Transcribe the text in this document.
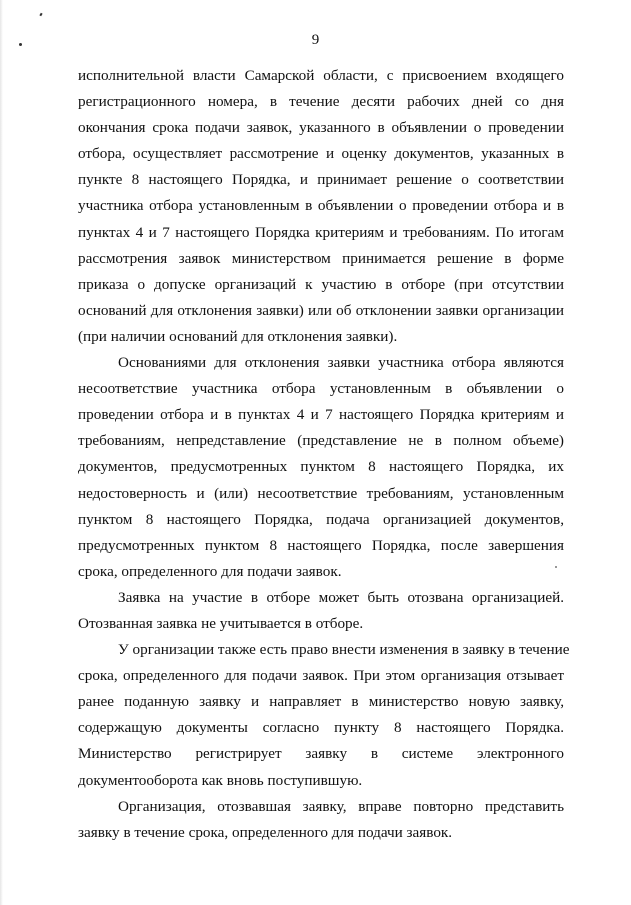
9
исполнительной власти Самарской области, с присвоением входящего
регистрационного номера, в течение десяти рабочих дней со дня
окончания срока подачи заявок, указанного в объявлении о проведении
отбора, осуществляет рассмотрение и оценку документов, указанных в
пункте 8 настоящего Порядка, и принимает решение о соответствии
участника отбора установленным в объявлении о проведении отбора и в
пунктах 4 и 7 настоящего Порядка критериям и требованиям. По итогам
рассмотрения заявок министерством принимается решение в форме
приказа о допуске организаций к участию в отборе (при отсутствии
оснований для отклонения заявки) или об отклонении заявки организации
(при наличии оснований для отклонения заявки).
Основаниями для отклонения заявки участника отбора являются
несоответствие участника отбора установленным в объявлении о
проведении отбора и в пунктах 4 и 7 настоящего Порядка критериям и
требованиям, непредставление (представление не в полном объеме)
документов, предусмотренных пунктом 8 настоящего Порядка, их
недостоверность и (или) несоответствие требованиям, установленным
пунктом 8 настоящего Порядка, подача организацией документов,
предусмотренных пунктом 8 настоящего Порядка, после завершения
срока, определенного для подачи заявок.
Заявка на участие в отборе может быть отозвана организацией.
Отозванная заявка не учитывается в отборе.
У организации также есть право внести изменения в заявку в течение
срока, определенного для подачи заявок. При этом организация отзывает
ранее поданную заявку и направляет в министерство новую заявку,
содержащую документы согласно пункту 8 настоящего Порядка.
Министерство регистрирует заявку в системе электронного
документооборота как вновь поступившую.
Организация, отозвавшая заявку, вправе повторно представить
заявку в течение срока, определенного для подачи заявок.
